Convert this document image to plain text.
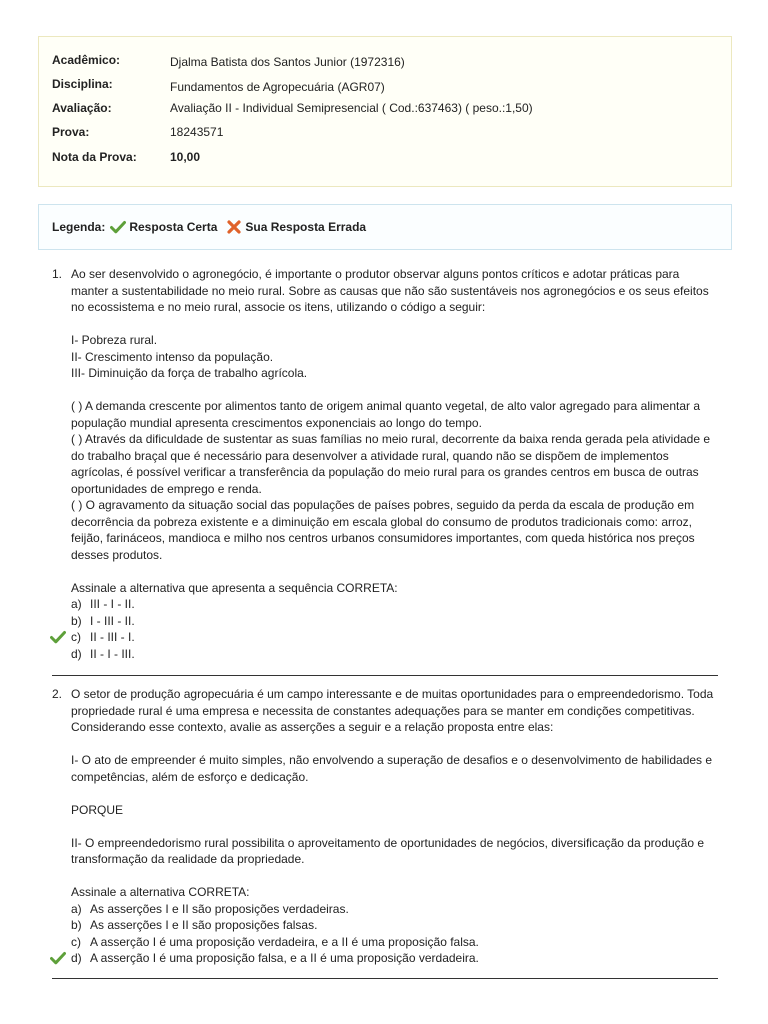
Acadêmico:	Djalma Batista dos Santos Junior (1972316)
Disciplina:	Fundamentos de Agropecuária (AGR07)
Avaliação:	Avaliação II - Individual Semipresencial ( Cod.:637463) ( peso.:1,50)
Prova:	18243571
Nota da Prova:	10,00
Legenda: Resposta Certa Sua Resposta Errada
1. Ao ser desenvolvido o agronegócio, é importante o produtor observar alguns pontos críticos e adotar práticas para manter a sustentabilidade no meio rural. Sobre as causas que não são sustentáveis nos agronegócios e os seus efeitos no ecossistema e no meio rural, associe os itens, utilizando o código a seguir:
I- Pobreza rural.
II- Crescimento intenso da população.
III- Diminuição da força de trabalho agrícola.
( ) A demanda crescente por alimentos tanto de origem animal quanto vegetal, de alto valor agregado para alimentar a população mundial apresenta crescimentos exponenciais ao longo do tempo.
( ) Através da dificuldade de sustentar as suas famílias no meio rural, decorrente da baixa renda gerada pela atividade e do trabalho braçal que é necessário para desenvolver a atividade rural, quando não se dispõem de implementos agrícolas, é possível verificar a transferência da população do meio rural para os grandes centros em busca de outras oportunidades de emprego e renda.
( ) O agravamento da situação social das populações de países pobres, seguido da perda da escala de produção em decorrência da pobreza existente e a diminuição em escala global do consumo de produtos tradicionais como: arroz, feijão, farináceos, mandioca e milho nos centros urbanos consumidores importantes, com queda histórica nos preços desses produtos.
Assinale a alternativa que apresenta a sequência CORRETA:
a) III - I - II.
b) I - III - II.
c) II - III - I.
d) II - I - III.
2. O setor de produção agropecuária é um campo interessante e de muitas oportunidades para o empreendedorismo. Toda propriedade rural é uma empresa e necessita de constantes adequações para se manter em condições competitivas. Considerando esse contexto, avalie as asserções a seguir e a relação proposta entre elas:
I- O ato de empreender é muito simples, não envolvendo a superação de desafios e o desenvolvimento de habilidades e competências, além de esforço e dedicação.
PORQUE
II- O empreendedorismo rural possibilita o aproveitamento de oportunidades de negócios, diversificação da produção e transformação da realidade da propriedade.
Assinale a alternativa CORRETA:
a) As asserções I e II são proposições verdadeiras.
b) As asserções I e II são proposições falsas.
c) A asserção I é uma proposição verdadeira, e a II é uma proposição falsa.
d) A asserção I é uma proposição falsa, e a II é uma proposição verdadeira.
